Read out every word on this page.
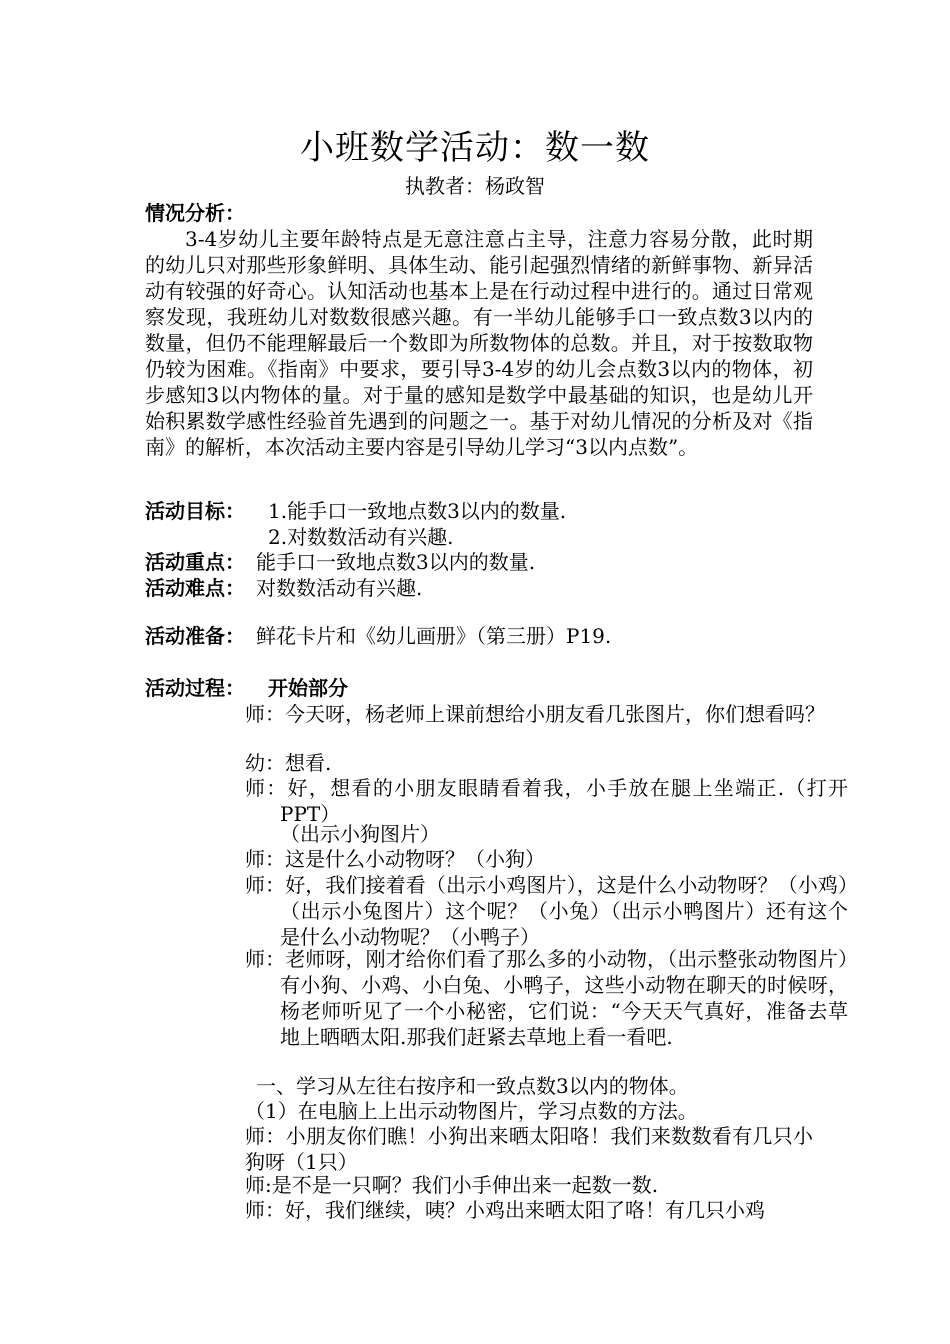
小班数学活动：数一数
执教者：杨政智
情况分析：
3-4岁幼儿主要年龄特点是无意注意占主导，注意力容易分散，此时期的幼儿只对那些形象鲜明、具体生动、能引起强烈情绪的新鲜事物、新异活动有较强的好奇心。认知活动也基本上是在行动过程中进行的。通过日常观察发现，我班幼儿对数数很感兴趣。有一半幼儿能够手口一致点数3以内的数量，但仍不能理解最后一个数即为所数物体的总数。并且，对于按数取物仍较为困难。《指南》中要求，要引导3-4岁的幼儿会点数3以内的物体，初步感知3以内物体的量。对于量的感知是数学中最基础的知识，也是幼儿开始积累数学感性经验首先遇到的问题之一。基于对幼儿情况的分析及对《指南》的解析，本次活动主要内容是引导幼儿学习“3以内点数”。
活动目标： 1.能手口一致地点数3以内的数量.
2.对数数活动有兴趣.
活动重点： 能手口一致地点数3以内的数量.
活动难点： 对数数活动有兴趣.
活动准备： 鲜花卡片和《幼儿画册》（第三册）P19.
活动过程： 开始部分
师：今天呀，杨老师上课前想给小朋友看几张图片，你们想看吗？
幼：想看.
师：好，想看的小朋友眼睛看着我，小手放在腿上坐端正.（打开PPT）
（出示小狗图片）
师：这是什么小动物呀？（小狗）
师：好，我们接着看（出示小鸡图片），这是什么小动物呀？（小鸡）（出示小兔图片）这个呢？（小兔）（出示小鸭图片）还有这个是什么小动物呢？（小鸭子）
师：老师呀，刚才给你们看了那么多的小动物，（出示整张动物图片）有小狗、小鸡、小白兔、小鸭子，这些小动物在聊天的时候呀，杨老师听见了一个小秘密，它们说：“今天天气真好，准备去草地上晒晒太阳.那我们赶紧去草地上看一看吧.
一、学习从左往右按序和一致点数3以内的物体。
（1）在电脑上上出示动物图片，学习点数的方法。
师：小朋友你们瞧！小狗出来晒太阳咯！我们来数数看有几只小狗呀（1只）
师:是不是一只啊？我们小手伸出来一起数一数.
师：好，我们继续，咦？小鸡出来晒太阳了咯！有几只小鸡
